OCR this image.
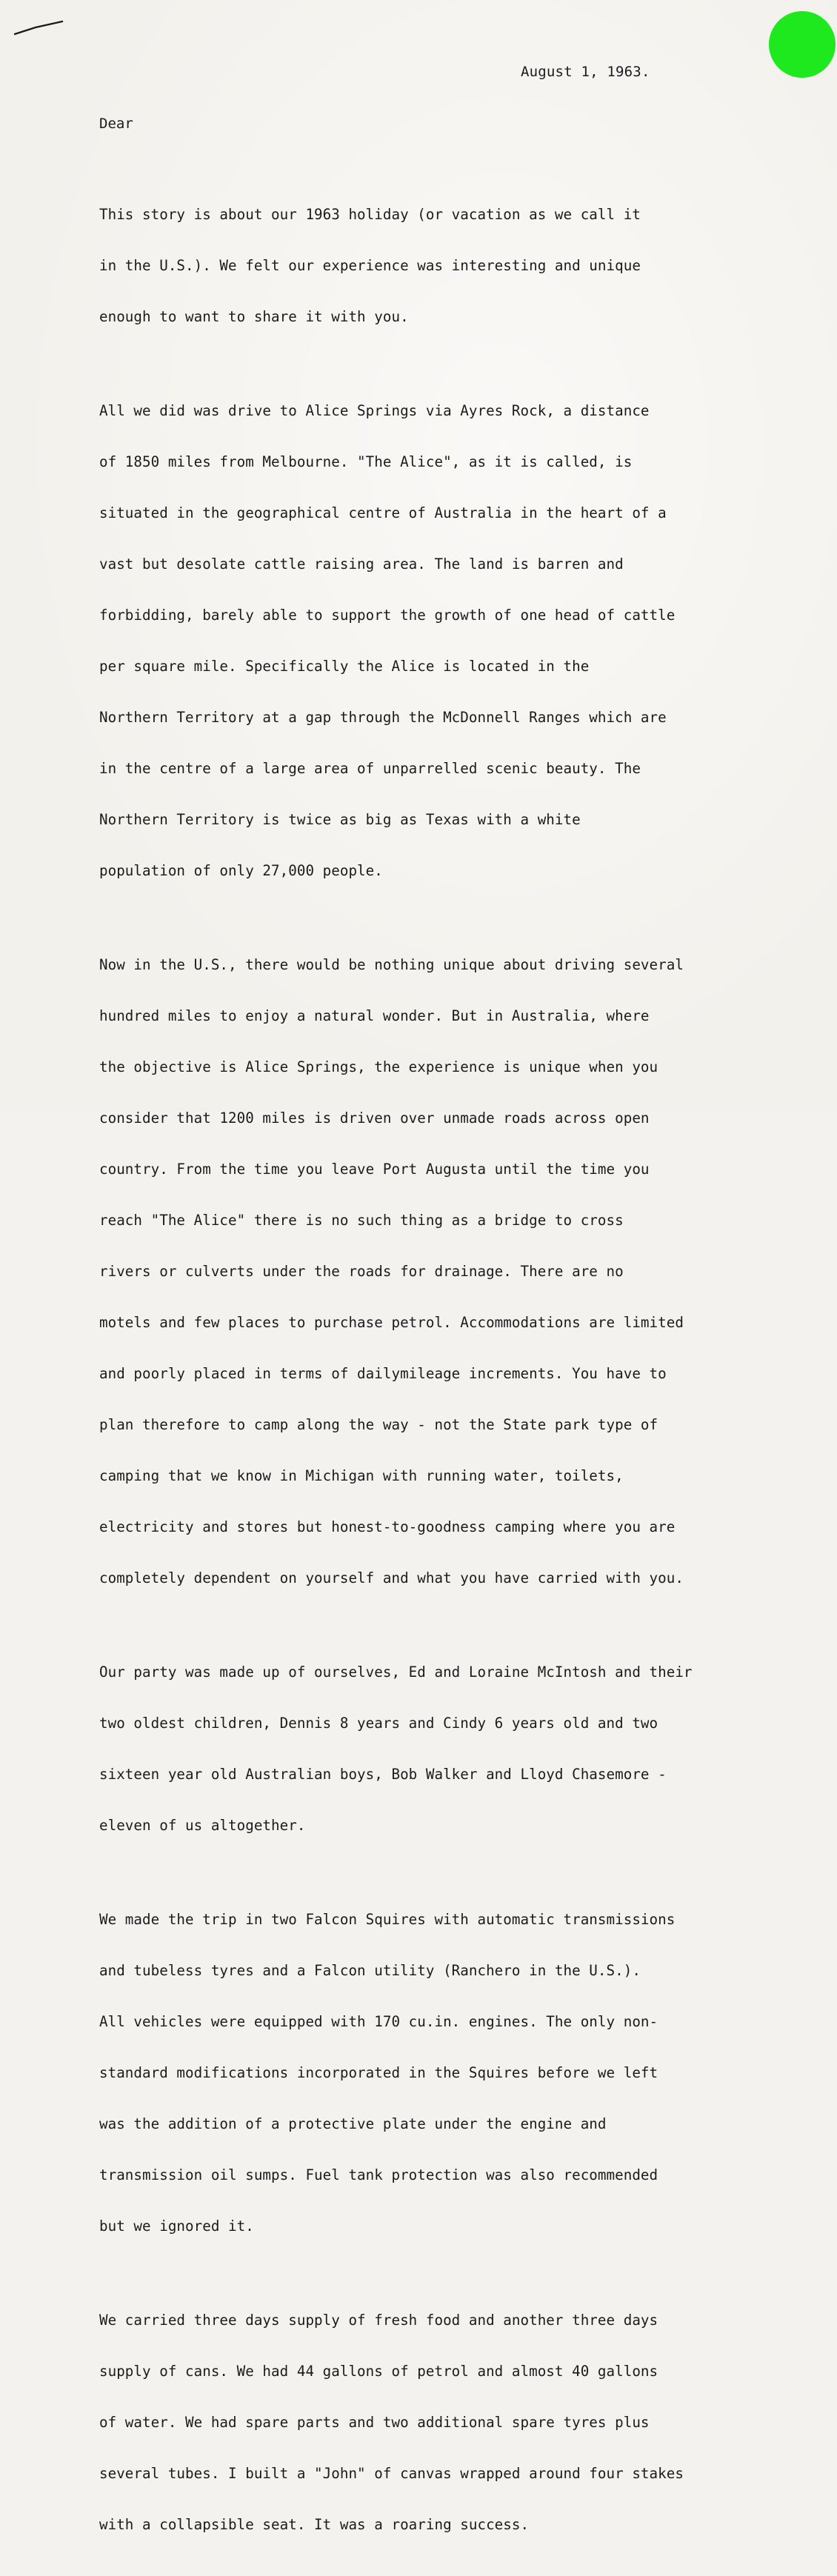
August 1, 1963.
Dear

This story is about our 1963 holiday (or vacation as we call it

in the U.S.). We felt our experience was interesting and unique

enough to want to share it with you.

All we did was drive to Alice Springs via Ayres Rock, a distance

of 1850 miles from Melbourne. "The Alice", as it is called, is

situated in the geographical centre of Australia in the heart of a

vast but desolate cattle raising area. The land is barren and

forbidding, barely able to support the growth of one head of cattle

per square mile. Specifically the Alice is located in the

Northern Territory at a gap through the McDonnell Ranges which are

in the centre of a large area of unparrelled scenic beauty. The

Northern Territory is twice as big as Texas with a white

population of only 27,000 people.

Now in the U.S., there would be nothing unique about driving several

hundred miles to enjoy a natural wonder. But in Australia, where

the objective is Alice Springs, the experience is unique when you

consider that 1200 miles is driven over unmade roads across open

country. From the time you leave Port Augusta until the time you

reach "The Alice" there is no such thing as a bridge to cross

rivers or culverts under the roads for drainage. There are no

motels and few places to purchase petrol. Accommodations are limited

and poorly placed in terms of dailymileage increments. You have to

plan therefore to camp along the way - not the State park type of

camping that we know in Michigan with running water, toilets,

electricity and stores but honest-to-goodness camping where you are

completely dependent on yourself and what you have carried with you.

Our party was made up of ourselves, Ed and Loraine McIntosh and their

two oldest children, Dennis 8 years and Cindy 6 years old and two

sixteen year old Australian boys, Bob Walker and Lloyd Chasemore -

eleven of us altogether.

We made the trip in two Falcon Squires with automatic transmissions

and tubeless tyres and a Falcon utility (Ranchero in the U.S.).

All vehicles were equipped with 170 cu.in. engines. The only non-

standard modifications incorporated in the Squires before we left

was the addition of a protective plate under the engine and

transmission oil sumps. Fuel tank protection was also recommended

but we ignored it.

We carried three days supply of fresh food and another three days

supply of cans. We had 44 gallons of petrol and almost 40 gallons

of water. We had spare parts and two additional spare tyres plus

several tubes. I built a "John" of canvas wrapped around four stakes

with a collapsible seat. It was a roaring success.
